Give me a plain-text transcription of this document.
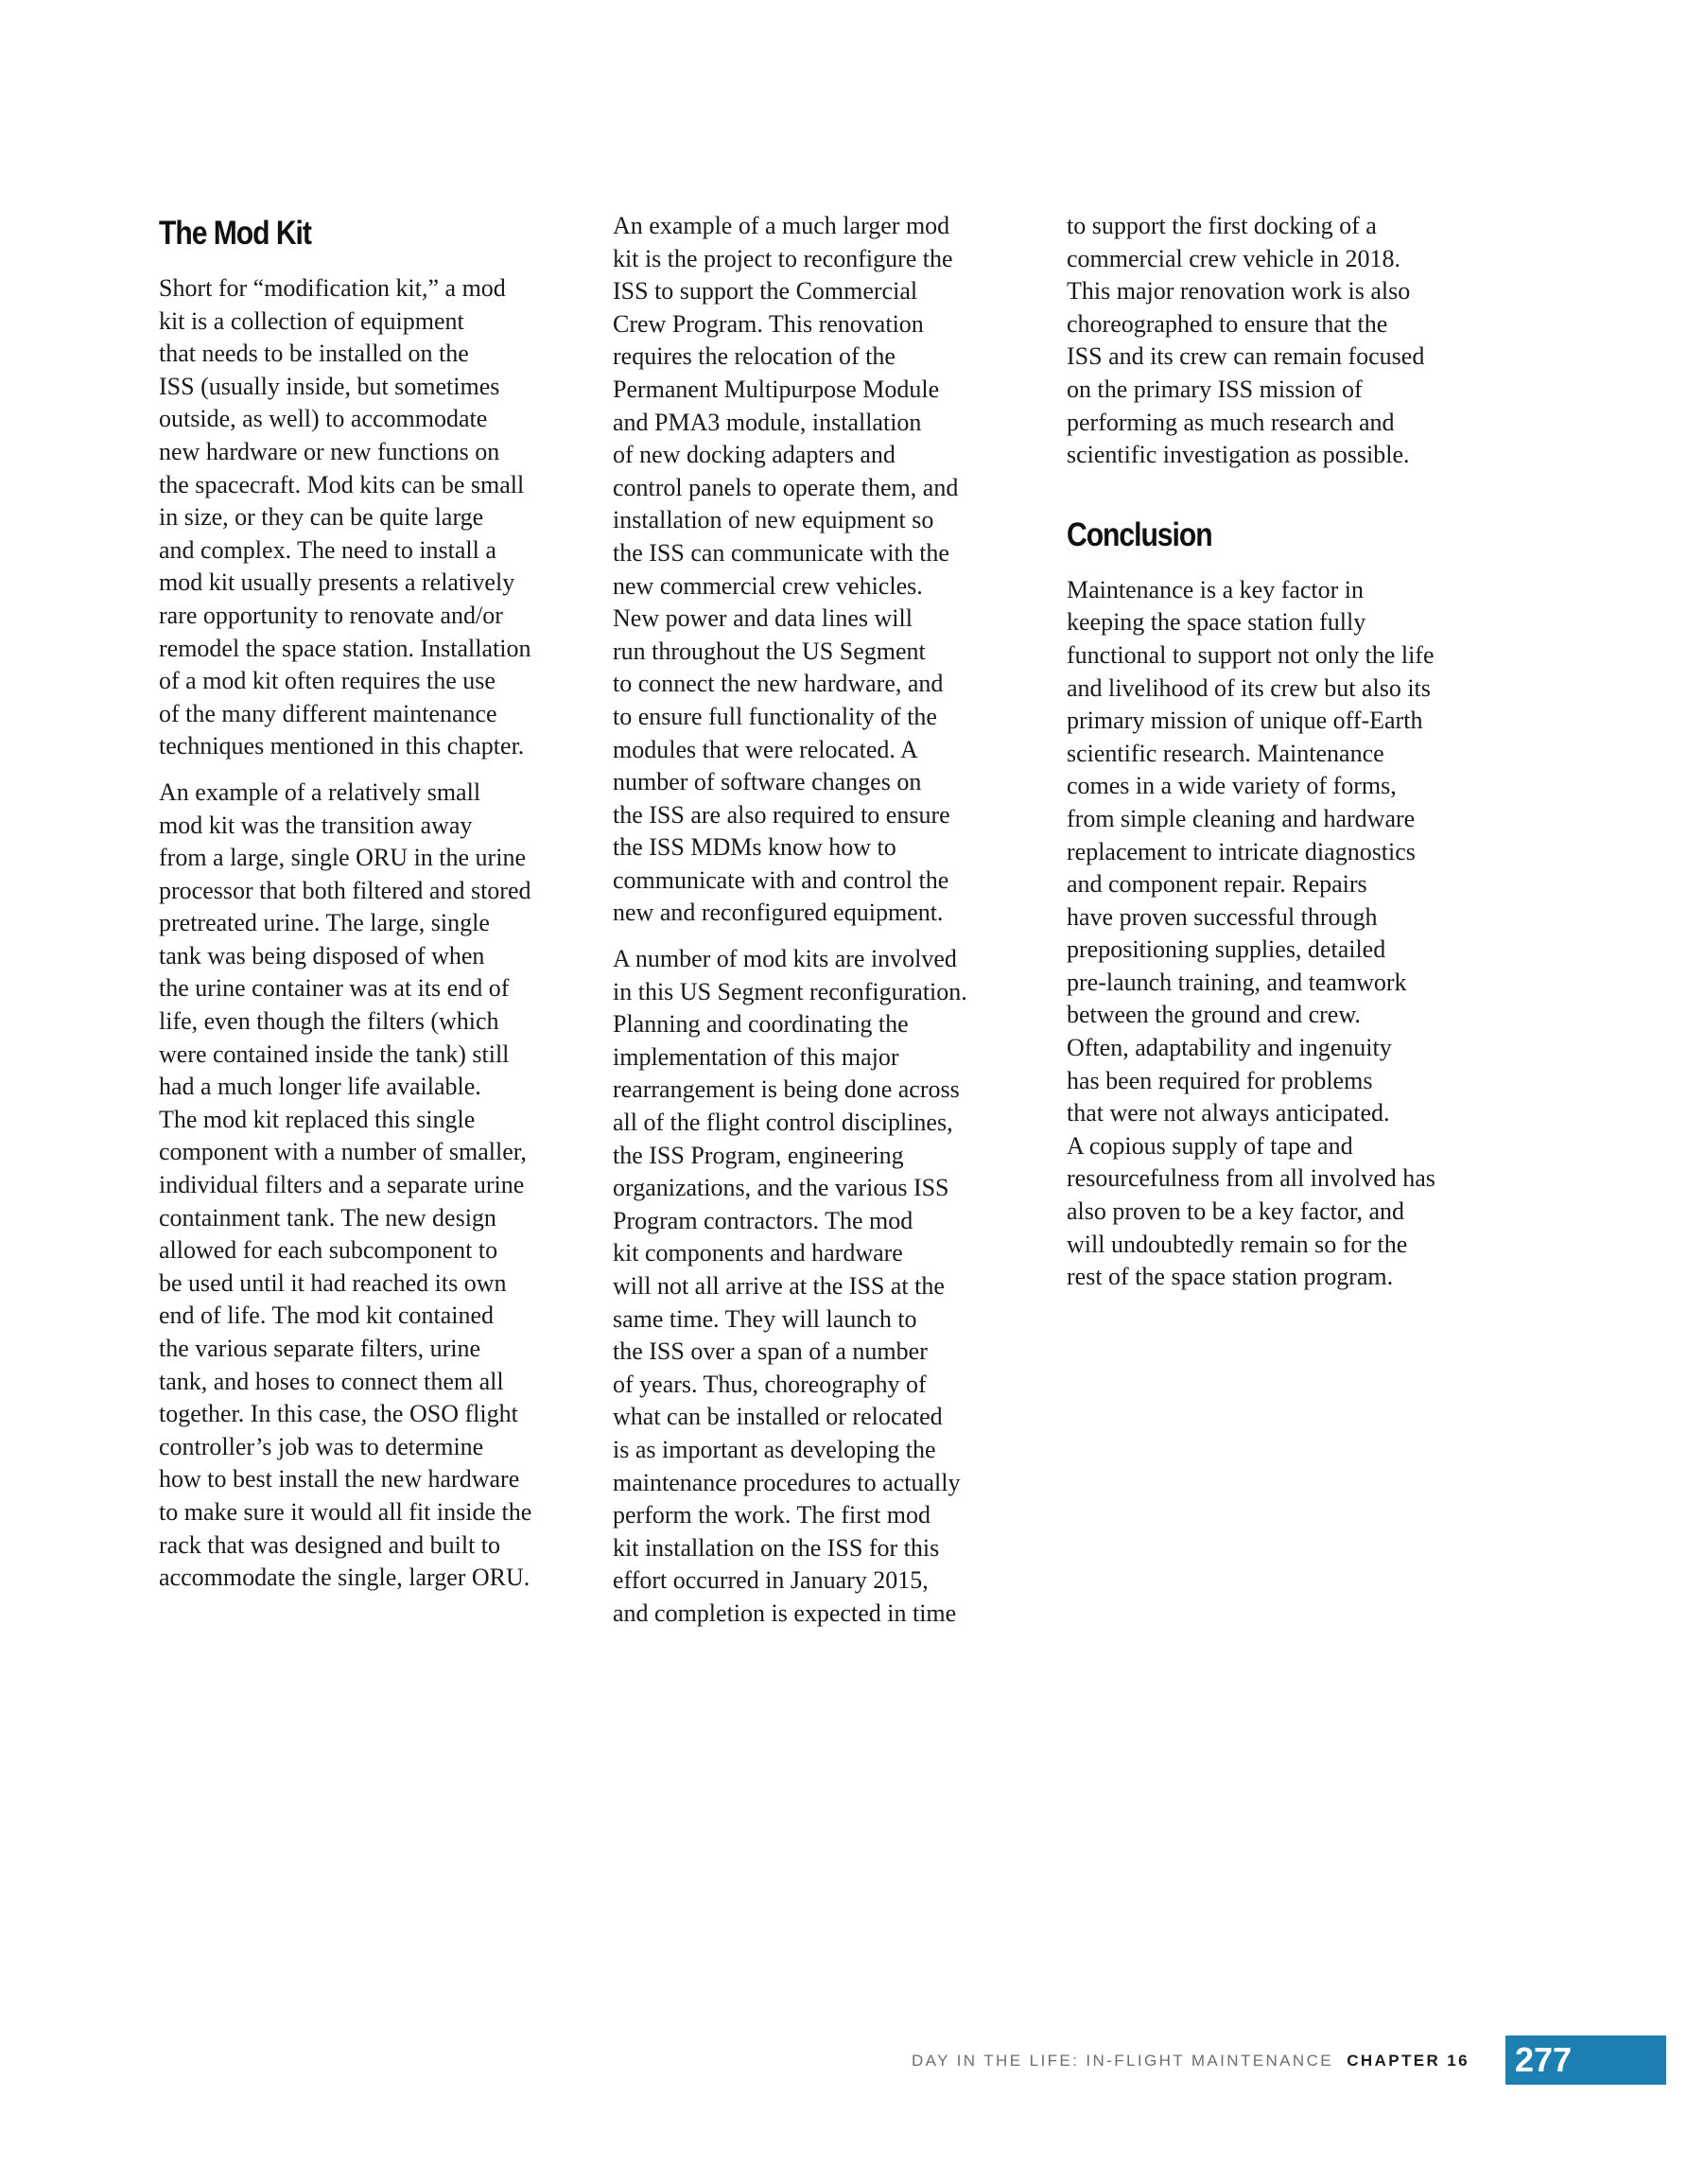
The Mod Kit

Short for “modification kit,” a mod
kit is a collection of equipment
that needs to be installed on the
ISS (usually inside, but sometimes
outside, as well) to accommodate
new hardware or new functions on
the spacecraft. Mod kits can be small
in size, or they can be quite large
and complex. The need to install a
mod kit usually presents a relatively
rare opportunity to renovate and/or
remodel the space station. Installation
of a mod kit often requires the use
of the many different maintenance
techniques mentioned in this chapter.

An example of a relatively small
mod kit was the transition away
from a large, single ORU in the urine
processor that both filtered and stored
pretreated urine. The large, single
tank was being disposed of when
the urine container was at its end of
life, even though the filters (which
were contained inside the tank) still
had a much longer life available.
The mod kit replaced this single
component with a number of smaller,
individual filters and a separate urine
containment tank. The new design
allowed for each subcomponent to
be used until it had reached its own
end of life. The mod kit contained
the various separate filters, urine
tank, and hoses to connect them all
together. In this case, the OSO flight
controller’s job was to determine
how to best install the new hardware
to make sure it would all fit inside the
rack that was designed and built to
accommodate the single, larger ORU.

An example of a much larger mod
kit is the project to reconfigure the
ISS to support the Commercial
Crew Program. This renovation
requires the relocation of the
Permanent Multipurpose Module
and PMA3 module, installation
of new docking adapters and
control panels to operate them, and
installation of new equipment so
the ISS can communicate with the
new commercial crew vehicles.
New power and data lines will
run throughout the US Segment
to connect the new hardware, and
to ensure full functionality of the
modules that were relocated. A
number of software changes on
the ISS are also required to ensure
the ISS MDMs know how to
communicate with and control the
new and reconfigured equipment.

A number of mod kits are involved
in this US Segment reconfiguration.
Planning and coordinating the
implementation of this major
rearrangement is being done across
all of the flight control disciplines,
the ISS Program, engineering
organizations, and the various ISS
Program contractors. The mod
kit components and hardware
will not all arrive at the ISS at the
same time. They will launch to
the ISS over a span of a number
of years. Thus, choreography of
what can be installed or relocated
is as important as developing the
maintenance procedures to actually
perform the work. The first mod
kit installation on the ISS for this
effort occurred in January 2015,
and completion is expected in time

to support the first docking of a
commercial crew vehicle in 2018.
This major renovation work is also
choreographed to ensure that the
ISS and its crew can remain focused
on the primary ISS mission of
performing as much research and
scientific investigation as possible.

Conclusion

Maintenance is a key factor in
keeping the space station fully
functional to support not only the life
and livelihood of its crew but also its
primary mission of unique off-Earth
scientific research. Maintenance
comes in a wide variety of forms,
from simple cleaning and hardware
replacement to intricate diagnostics
and component repair. Repairs
have proven successful through
prepositioning supplies, detailed
pre-launch training, and teamwork
between the ground and crew.
Often, adaptability and ingenuity
has been required for problems
that were not always anticipated.
A copious supply of tape and
resourcefulness from all involved has
also proven to be a key factor, and
will undoubtedly remain so for the
rest of the space station program.

DAY IN THE LIFE: IN-FLIGHT MAINTENANCE CHAPTER 16 277
